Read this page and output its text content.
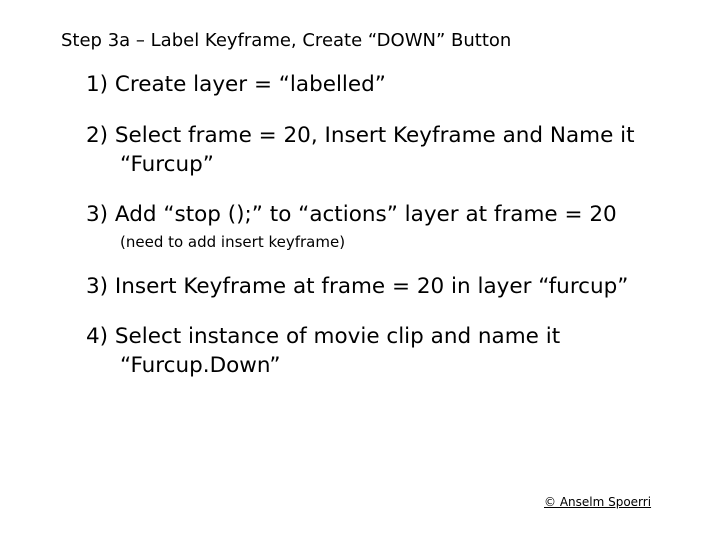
Step 3a – Label Keyframe, Create “DOWN” Button
1) Create layer = “labelled”
2) Select frame = 20, Insert Keyframe and Name it
“Furcup”
3) Add “stop ();” to “actions” layer at frame = 20
(need to add insert keyframe)
3) Insert Keyframe at frame = 20 in layer “furcup”
4) Select instance of movie clip and name it
“Furcup.Down”
© Anselm Spoerri
